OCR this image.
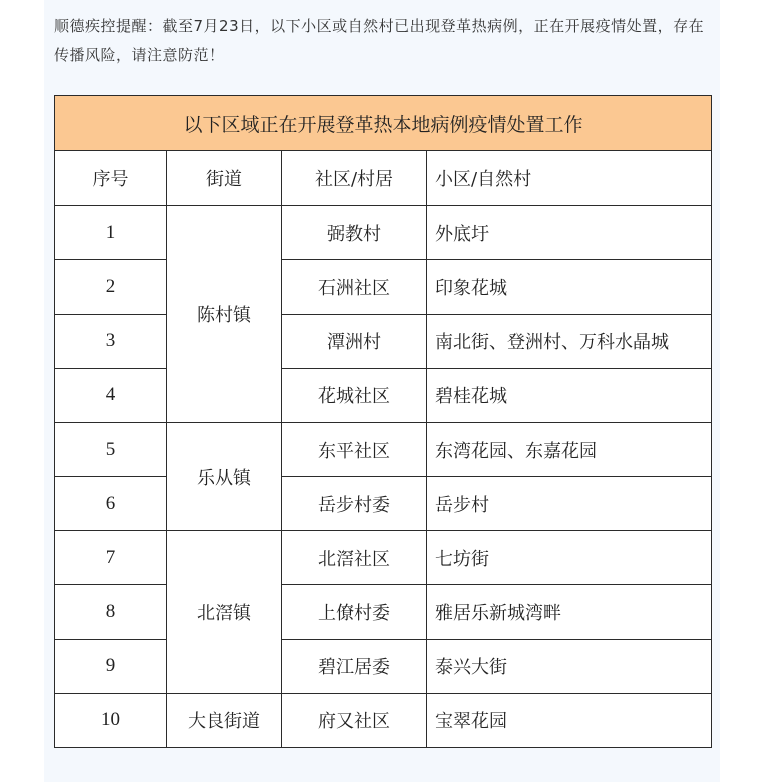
顺德疾控提醒：截至7月23日，以下小区或自然村已出现登革热病例，正在开展疫情处置，存在传播风险，请注意防范！
以下区域正在开展登革热本地病例疫情处置工作			
序号	街道	社区/村居	小区/自然村
1	陈村镇	弼教村	外底圩
2		石洲社区	印象花城
3		潭洲村	南北街、登洲村、万科水晶城
4		花城社区	碧桂花城
5	乐从镇	东平社区	东湾花园、东嘉花园
6		岳步村委	岳步村
7	北滘镇	北滘社区	七坊街
8		上僚村委	雅居乐新城湾畔
9		碧江居委	泰兴大街
10	大良街道	府又社区	宝翠花园
